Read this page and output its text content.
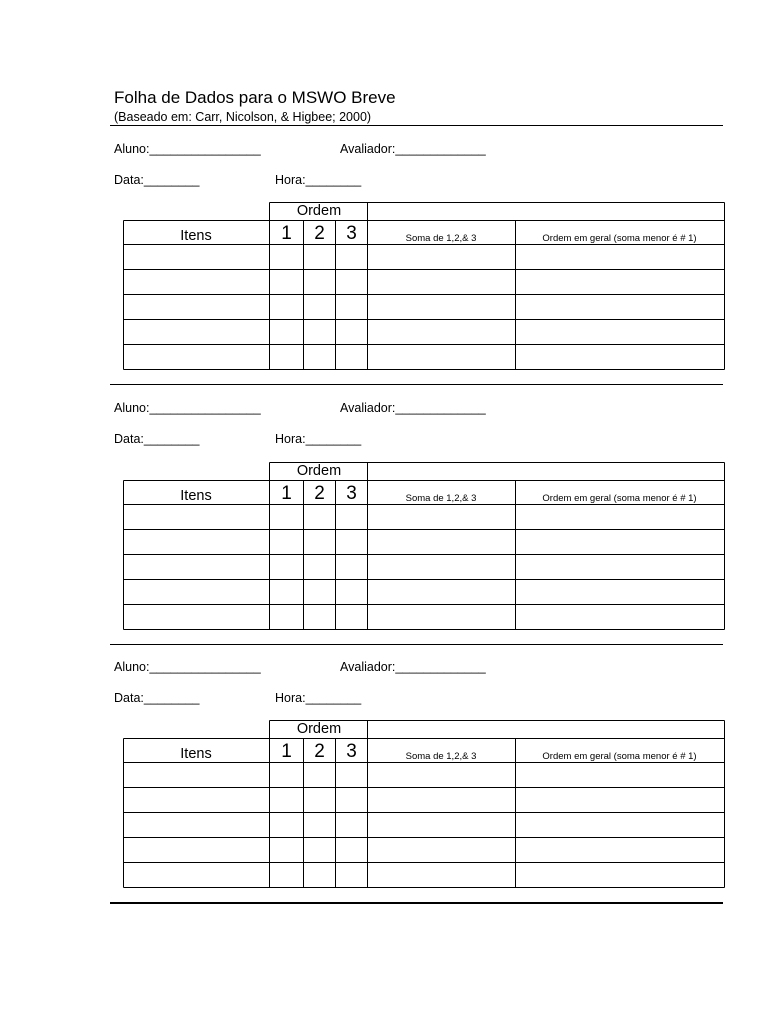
Folha de Dados para o MSWO Breve
(Baseado em: Carr, Nicolson, & Higbee; 2000)
Aluno:________________	Avaliador:_____________
Data:________	Hora:________
Ordem
Itens	1	2	3	Soma de 1,2,& 3	Ordem em geral (soma menor é # 1)
Aluno:________________	Avaliador:_____________
Data:________	Hora:________
Ordem
Itens	1	2	3	Soma de 1,2,& 3	Ordem em geral (soma menor é # 1)
Aluno:________________	Avaliador:_____________
Data:________	Hora:________
Ordem
Itens	1	2	3	Soma de 1,2,& 3	Ordem em geral (soma menor é # 1)
